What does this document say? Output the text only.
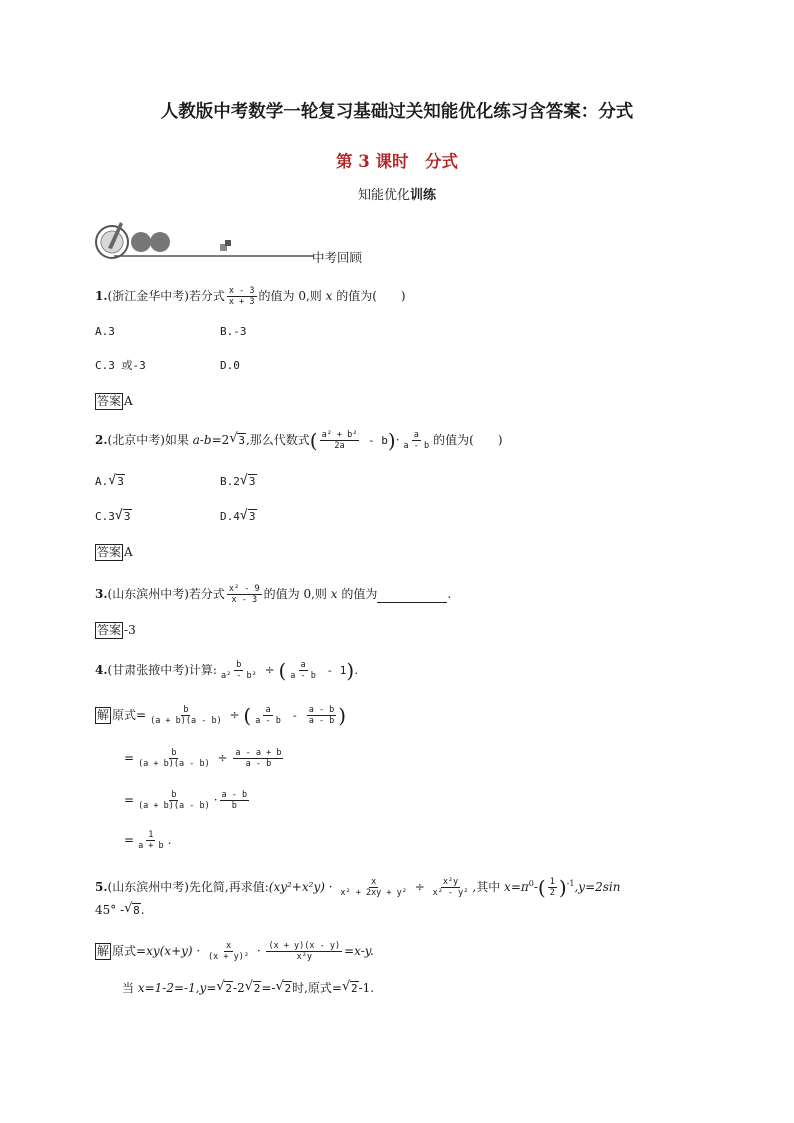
人教版中考数学一轮复习基础过关知能优化练习含答案：分式
第 3 课时　分式
知能优化训练
中考回顾
1.(浙江金华中考)若分式 $\frac{x - 3}{x + 3}$ 的值为 0,则 x 的值为(　　)
A.3	B.-3
C.3 或-3	D.0
答案 A
2.(北京中考)如果 a-b=2 √ 3,那么代数式( $\frac{\text{a² + b²}}{2a} - b)\cdot \frac{a}{a - b}$ 的值为(　　)
A. √ 3	B.2 √ 3
C.3 √ 3	D.4 √ 3
答案 A
3.(山东滨州中考)若分式 $\frac{\text{x² - 9}}{x - 3}$ 的值为 0,则 x 的值为	.
答案 -3
4.(甘肃张掖中考)计算: $\frac{b}{\text{a² - b²}}$ ÷ ( $\frac{a}{a - b} - 1$).
解 原式= $\frac{b}{(a + b)(a - b)}$ ÷ ( $\frac{a}{a - b} - \frac{a - b}{a - b}$ )
= $\frac{b}{(a + b)(a - b)} \div \frac{a - a + b}{a - b}$
= $\frac{b}{(a + b)(a - b)} \cdot \frac{a - b}{b}$
= $\frac{1}{a + b}$ .
5.(山东滨州中考)先化简,再求值:(xy²+x²y) · $\frac{x}{\text{x² + 2xy + y²}} \div \frac{\text{x²y}}{\text{x² - y²}}$ ,其中 $x=\pi^0-( \frac{1}{2} )^{-1},y=2\sin$
45° - √ 8.
解 原式$=xy(x+y) \cdot \frac{x}{\text{(x + y)²}} \cdot \frac{(x + y)(x - y)}{\text{x²y}} =x-y$.
当 x=1-2=-1,y= √ 2-2 √ 2=- √ 2时,原式= √ 2-1.
